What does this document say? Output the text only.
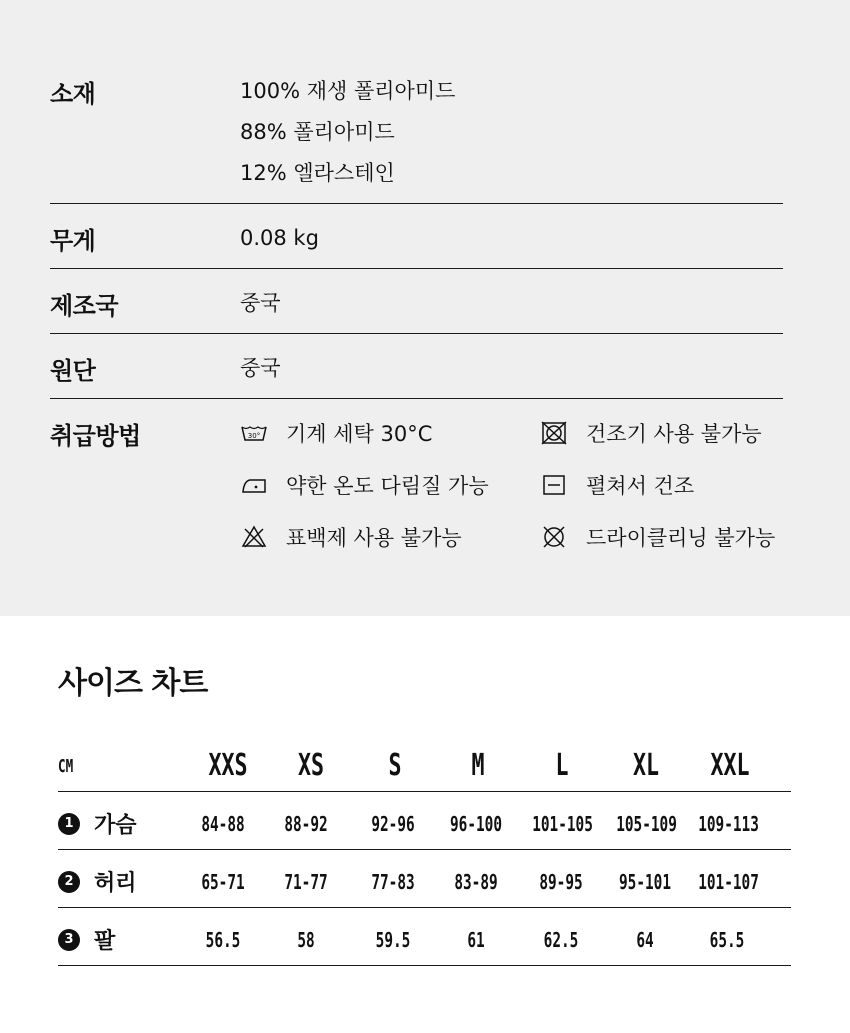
소재	100% 재생 폴리아미드
88% 폴리아미드
12% 엘라스테인
무게	0.08 kg
제조국	중국
원단	중국
취급방법	30° 기계 세탁 30°C	건조기 사용 불가능
약한 온도 다림질 가능	펼쳐서 건조
표백제 사용 불가능	드라이클리닝 불가능
사이즈 차트
CM	XXS	XS	S	M	L	XL	XXL
1 가슴	84-88	88-92	92-96	96-100 101-105 105-109 109-113
2 허리	65-71	71-77	77-83	83-89	89-95	95-101 101-107
3 팔	56.5	58	59.5	61	62.5	64	65.5
